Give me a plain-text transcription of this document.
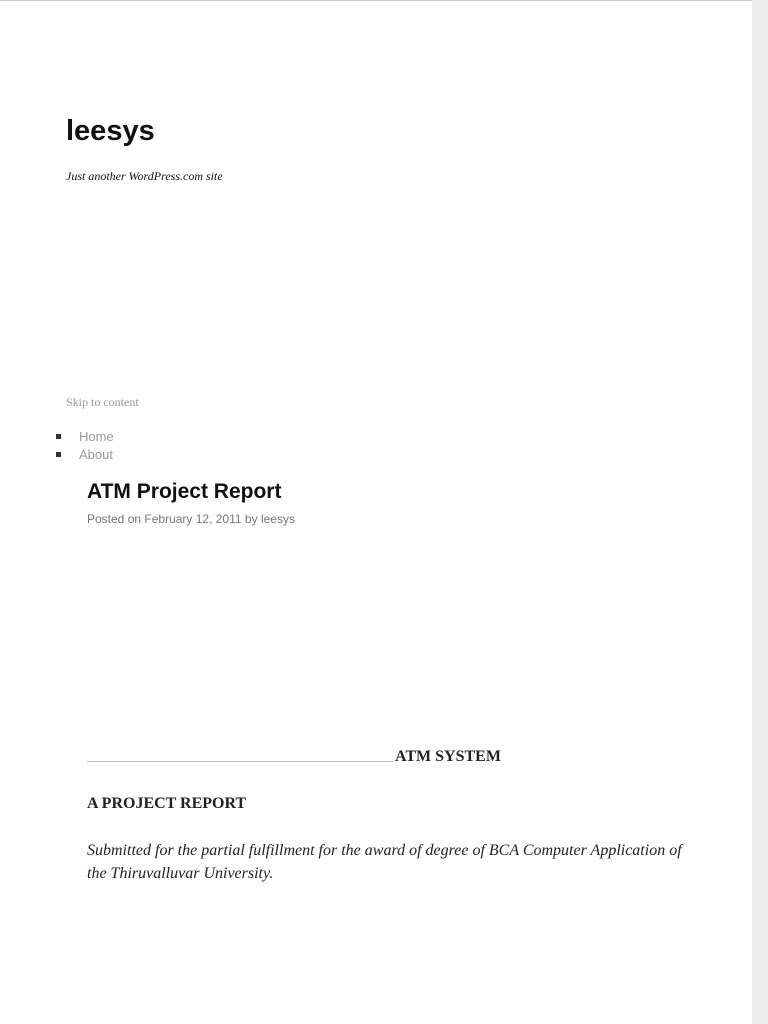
leesys
Just another WordPress.com site
Skip to content
Home
About
ATM Project Report
Posted on February 12, 2011 by leesys
ATM SYSTEM
A PROJECT REPORT

Submitted for the partial fulfillment for the award of degree of BCA Computer Application of the Thiruvalluvar University.
